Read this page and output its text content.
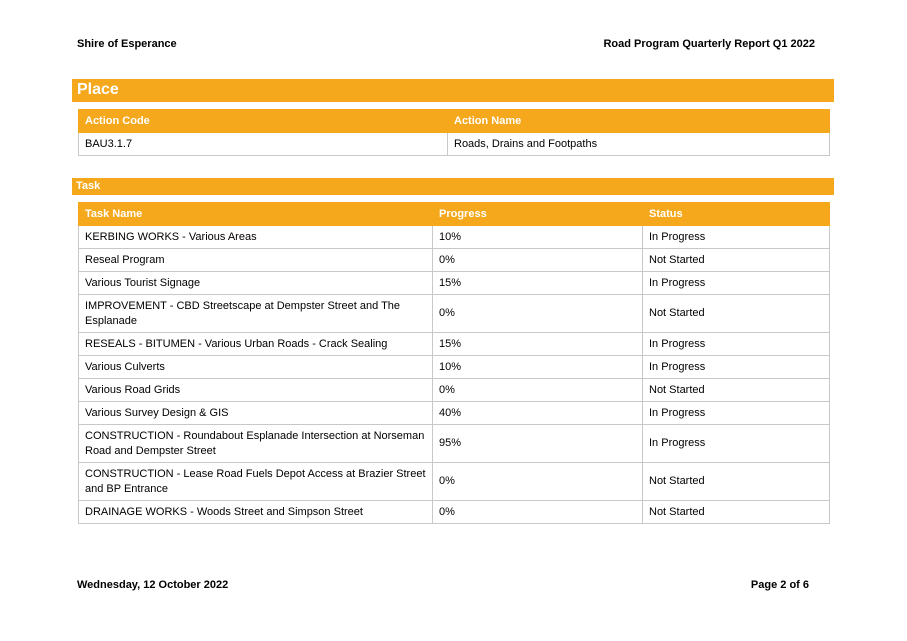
Shire of Esperance	Road Program Quarterly Report Q1 2022
Place
Action Code	Action Name
BAU3.1.7	Roads, Drains and Footpaths
Task
Task Name	Progress	Status
KERBING WORKS - Various Areas	10%	In Progress
Reseal Program	0%	Not Started
Various Tourist Signage	15%	In Progress
IMPROVEMENT - CBD Streetscape at Dempster Street and The Esplanade	0%	Not Started
RESEALS - BITUMEN - Various Urban Roads - Crack Sealing	15%	In Progress
Various Culverts	10%	In Progress
Various Road Grids	0%	Not Started
Various Survey Design & GIS	40%	In Progress
CONSTRUCTION - Roundabout Esplanade Intersection at Norseman Road and Dempster Street	95%	In Progress
CONSTRUCTION - Lease Road Fuels Depot Access at Brazier Street and BP Entrance	0%	Not Started
DRAINAGE WORKS - Woods Street and Simpson Street	0%	Not Started
Wednesday, 12 October 2022	Page 2 of 6
